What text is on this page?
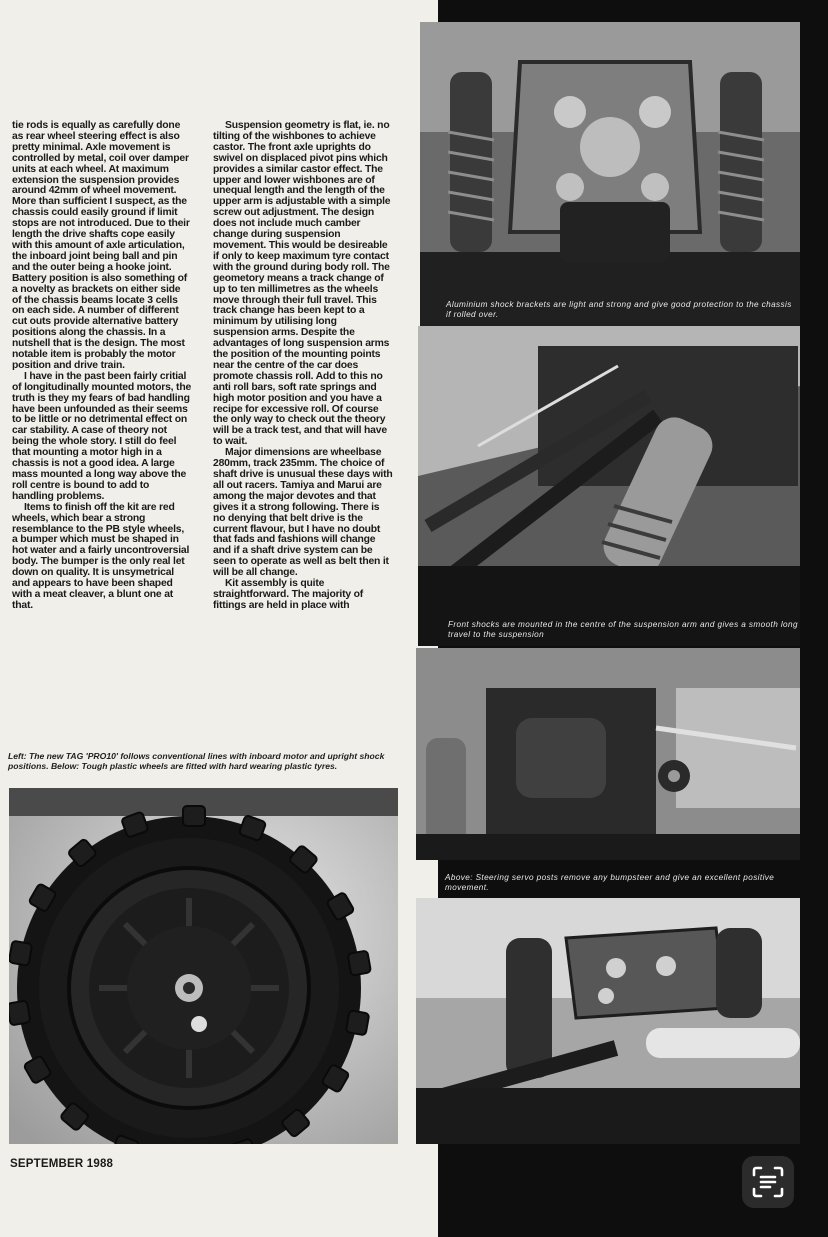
tie rods is equally as carefully done as rear wheel steering effect is also pretty minimal. Axle movement is controlled by metal, coil over damper units at each wheel. At maximum extension the suspension provides around 42mm of wheel movement. More than sufficient I suspect, as the chassis could easily ground if limit stops are not introduced. Due to their length the drive shafts cope easily with this amount of axle articulation, the inboard joint being ball and pin and the outer being a hooke joint. Battery position is also something of a novelty as brackets on either side of the chassis beams locate 3 cells on each side. A number of different cut outs provide alternative battery positions along the chassis. In a nutshell that is the design. The most notable item is probably the motor position and drive train.

I have in the past been fairly critial of longitudinally mounted motors, the truth is they my fears of bad handling have been unfounded as their seems to be little or no detrimental effect on car stability. A case of theory not being the whole story. I still do feel that mounting a motor high in a chassis is not a good idea. A large mass mounted a long way above the roll centre is bound to add to handling problems.

Items to finish off the kit are red wheels, which bear a strong resemblance to the PB style wheels, a bumper which must be shaped in hot water and a fairly uncontroversial body. The bumper is the only real let down on quality. It is unsymetrical and appears to have been shaped with a meat cleaver, a blunt one at that.

Suspension geometry is flat, ie. no tilting of the wishbones to achieve castor. The front axle uprights do swivel on displaced pivot pins which provides a similar castor effect. The upper and lower wishbones are of unequal length and the length of the upper arm is adjustable with a simple screw out adjustment. The design does not include much camber change during suspension movement. This would be desireable if only to keep maximum tyre contact with the ground during body roll. The geometory means a track change of up to ten millimetres as the wheels move through their full travel. This track change has been kept to a minimum by utilising long suspension arms. Despite the advantages of long suspension arms the position of the mounting points near the centre of the car does promote chassis roll. Add to this no anti roll bars, soft rate springs and high motor position and you have a recipe for excessive roll. Of course the only way to check out the theory will be a track test, and that will have to wait.

Major dimensions are wheelbase 280mm, track 235mm. The choice of shaft drive is unusual these days with all out racers. Tamiya and Marui are among the major devotes and that gives it a strong following. There is no denying that belt drive is the current flavour, but I have no doubt that fads and fashions will change and if a shaft drive system can be seen to operate as well as belt then it will be all change.

Kit assembly is quite straightforward. The majority of fittings are held in place with

Left: The new TAG 'PRO10' follows conventional lines with inboard motor and upright shock positions. Below: Tough plastic wheels are fitted with hard wearing plastic tyres.
Aluminium shock brackets are light and strong and give good protection to the chassis if rolled over.
Front shocks are mounted in the centre of the suspension arm and gives a smooth long travel to the suspension
Above: Steering servo posts remove any bumpsteer and give an excellent positive movement.
SEPTEMBER 1988
